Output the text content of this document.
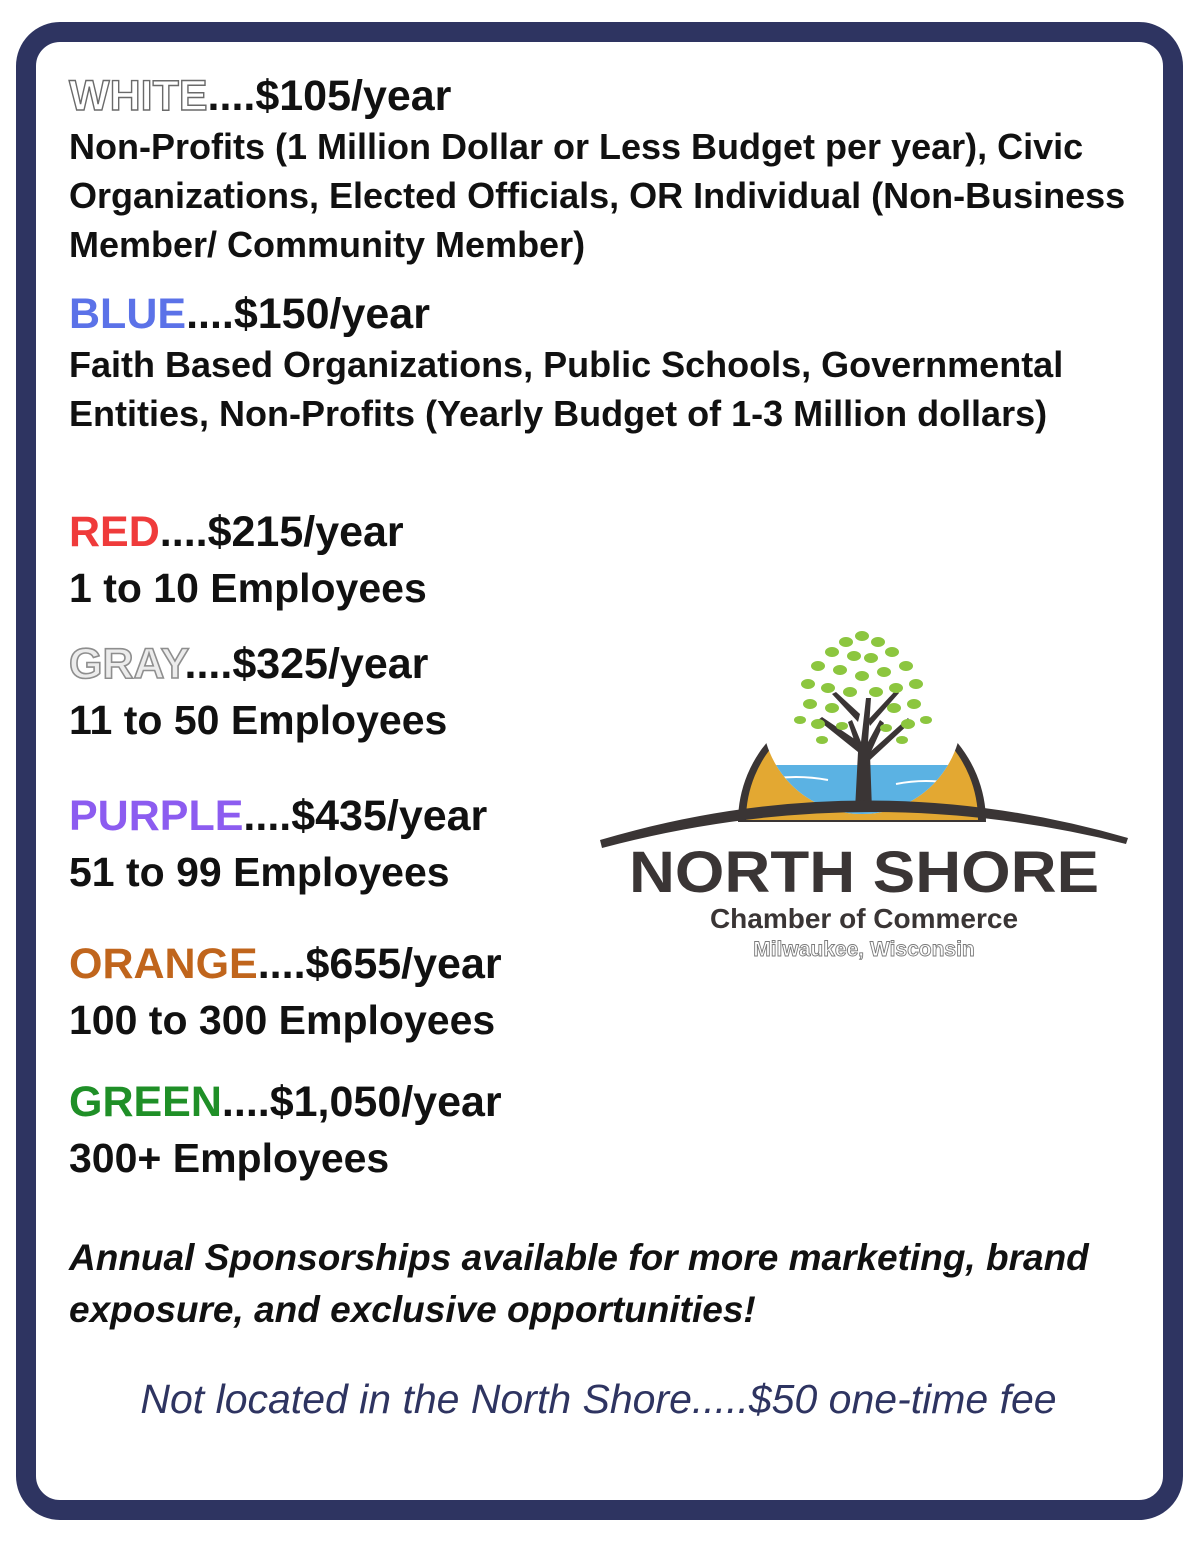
WHITE....$105/year
Non-Profits (1 Million Dollar or Less Budget per year), Civic Organizations, Elected Officials, OR Individual (Non-Business Member/ Community Member)
BLUE....$150/year
Faith Based Organizations, Public Schools, Governmental Entities, Non-Profits (Yearly Budget of 1-3 Million dollars)
RED....$215/year
1 to 10 Employees
GRAY....$325/year
11 to 50 Employees
PURPLE....$435/year
51 to 99 Employees
ORANGE....$655/year
100 to 300 Employees
GREEN....$1,050/year
300+ Employees
Annual Sponsorships available for more marketing, brand exposure, and exclusive opportunities!
Not located in the North Shore.....$50 one-time fee
NORTH SHORE
Chamber of Commerce
Milwaukee, Wisconsin
